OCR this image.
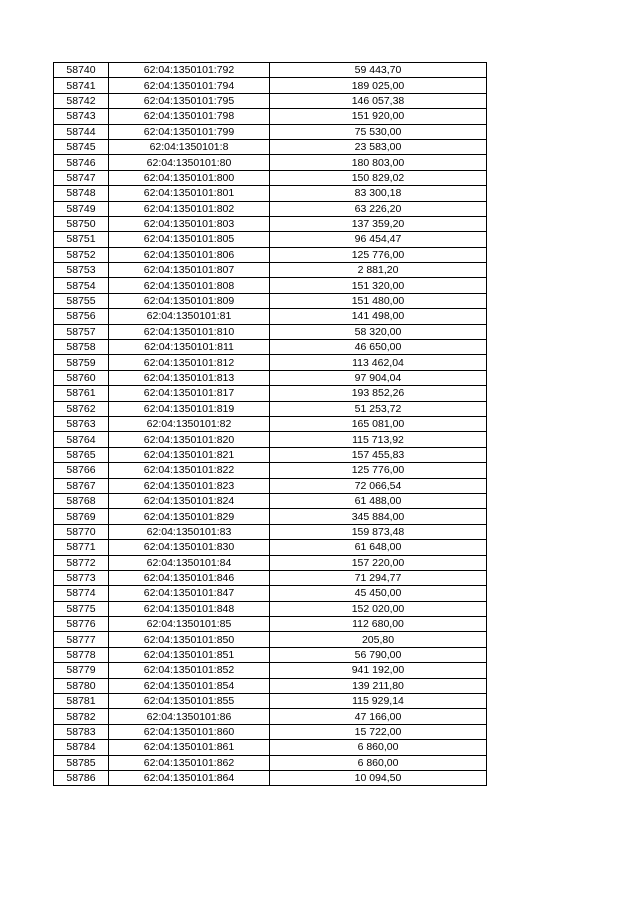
58740	62:04:1350101:792	59 443,70
58741	62:04:1350101:794	189 025,00
58742	62:04:1350101:795	146 057,38
58743	62:04:1350101:798	151 920,00
58744	62:04:1350101:799	75 530,00
58745	62:04:1350101:8	23 583,00
58746	62:04:1350101:80	180 803,00
58747	62:04:1350101:800	150 829,02
58748	62:04:1350101:801	83 300,18
58749	62:04:1350101:802	63 226,20
58750	62:04:1350101:803	137 359,20
58751	62:04:1350101:805	96 454,47
58752	62:04:1350101:806	125 776,00
58753	62:04:1350101:807	2 881,20
58754	62:04:1350101:808	151 320,00
58755	62:04:1350101:809	151 480,00
58756	62:04:1350101:81	141 498,00
58757	62:04:1350101:810	58 320,00
58758	62:04:1350101:811	46 650,00
58759	62:04:1350101:812	113 462,04
58760	62:04:1350101:813	97 904,04
58761	62:04:1350101:817	193 852,26
58762	62:04:1350101:819	51 253,72
58763	62:04:1350101:82	165 081,00
58764	62:04:1350101:820	115 713,92
58765	62:04:1350101:821	157 455,83
58766	62:04:1350101:822	125 776,00
58767	62:04:1350101:823	72 066,54
58768	62:04:1350101:824	61 488,00
58769	62:04:1350101:829	345 884,00
58770	62:04:1350101:83	159 873,48
58771	62:04:1350101:830	61 648,00
58772	62:04:1350101:84	157 220,00
58773	62:04:1350101:846	71 294,77
58774	62:04:1350101:847	45 450,00
58775	62:04:1350101:848	152 020,00
58776	62:04:1350101:85	112 680,00
58777	62:04:1350101:850	205,80
58778	62:04:1350101:851	56 790,00
58779	62:04:1350101:852	941 192,00
58780	62:04:1350101:854	139 211,80
58781	62:04:1350101:855	115 929,14
58782	62:04:1350101:86	47 166,00
58783	62:04:1350101:860	15 722,00
58784	62:04:1350101:861	6 860,00
58785	62:04:1350101:862	6 860,00
58786	62:04:1350101:864	10 094,50
